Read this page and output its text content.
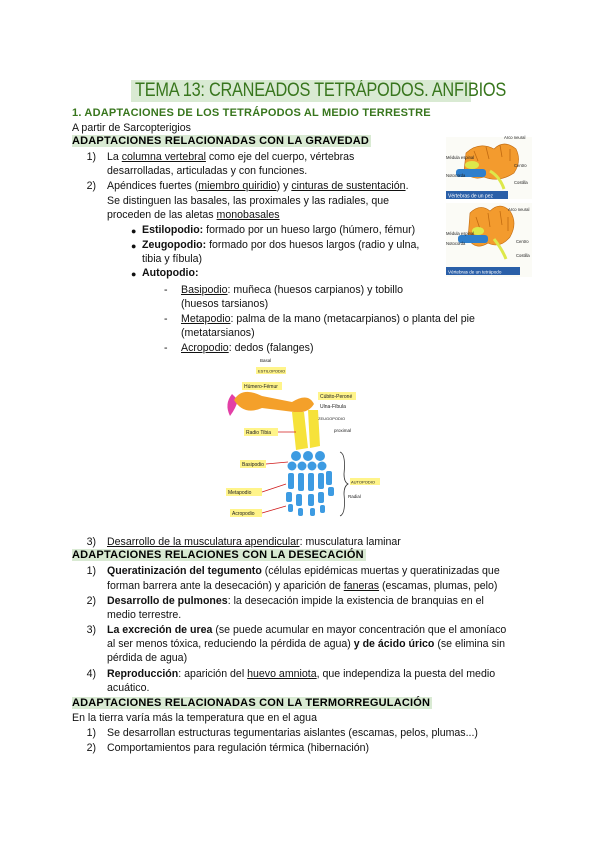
TEMA 13: CRANEADOS TETRÁPODOS. ANFIBIOS
1. ADAPTACIONES DE LOS TETRÁPODOS AL MEDIO TERRESTRE
A partir de Sarcopterigios
ADAPTACIONES RELACIONADAS CON LA GRAVEDAD
1) La columna vertebral como eje del cuerpo, vértebras
desarrolladas, articuladas y con funciones.
2) Apéndices fuertes (miembro quiridio) y cinturas de sustentación.
Se distinguen las basales, las proximales y las radiales, que
proceden de las aletas monobasales
● Estilopodio: formado por un hueso largo (húmero, fémur)
● Zeugopodio: formado por dos huesos largos (radio y ulna,
tibia y fíbula)
● Autopodio:
- Basipodio: muñeca (huesos carpianos) y tobillo
(huesos tarsianos)
- Metapodio: palma de la mano (metacarpianos) o planta del pie
(metatarsianos)
- Acropodio: dedos (falanges)
Vértebras de un pez
Arco neural
Médula espinal
Centro
Notocorda
Costilla
Vértebras de un tetrápodo
Arco neural
Médula espinal
Centro
Notocorda
Costilla
Basal
ESTILOPODIO
Húmero-Fémur
Cúbito-Peroné
Ulna-Fíbula
ZEUGOPODIO
proximal
Radio Tibia
AUTOPODIO
Radial
Basipodio
Metapodio
Acropodio
3) Desarrollo de la musculatura apendicular: musculatura laminar
ADAPTACIONES RELACIONES CON LA DESECACIÓN
1) Queratinización del tegumento (células epidémicas muertas y queratinizadas que
forman barrera ante la desecación) y aparición de faneras (escamas, plumas, pelo)
2) Desarrollo de pulmones: la desecación impide la existencia de branquias en el
medio terrestre.
3) La excreción de urea (se puede acumular en mayor concentración que el amoníaco
al ser menos tóxica, reduciendo la pérdida de agua) y de ácido úrico (se elimina sin
pérdida de agua)
4) Reproducción: aparición del huevo amniota, que independiza la puesta del medio
acuático.
ADAPTACIONES RELACIONADAS CON LA TERMORREGULACIÓN
En la tierra varía más la temperatura que en el agua
1) Se desarrollan estructuras tegumentarias aislantes (escamas, pelos, plumas...)
2) Comportamientos para regulación térmica (hibernación)
